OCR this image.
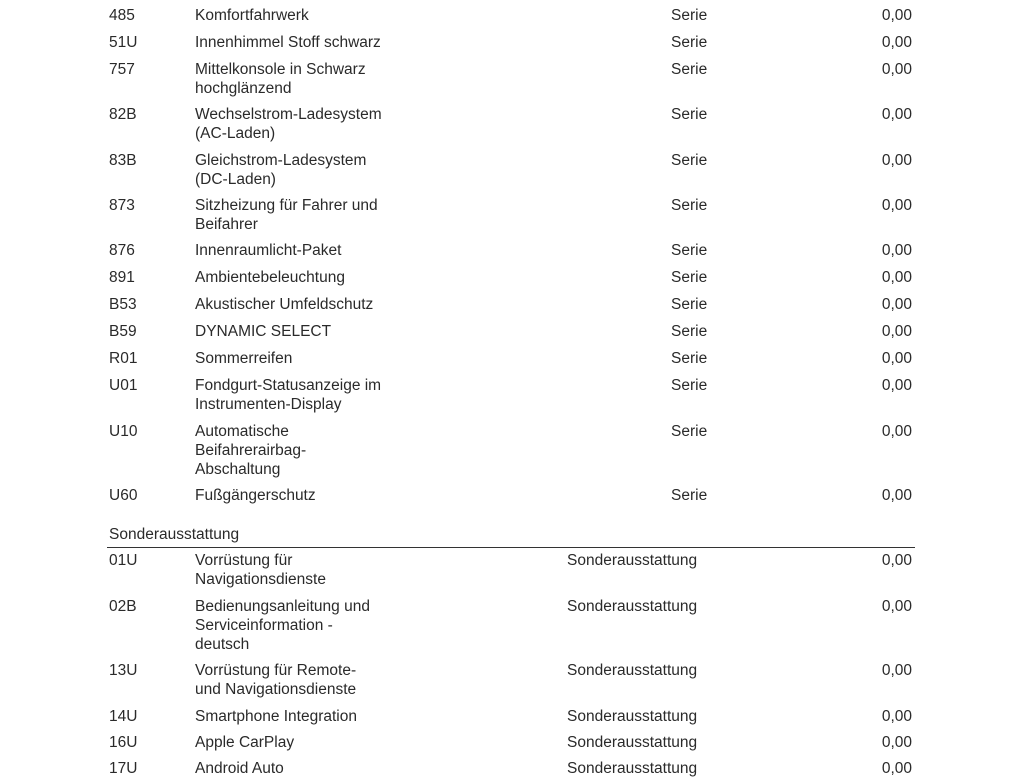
485	Komfortfahrwerk	Serie	0,00
51U	Innenhimmel Stoff schwarz	Serie	0,00
757	Mittelkonsole in Schwarz
hochglänzend
Serie	0,00
82B	Wechselstrom-Ladesystem
(AC-Laden)
Serie	0,00
83B	Gleichstrom-Ladesystem
(DC-Laden)
Serie	0,00
873	Sitzheizung für Fahrer und
Beifahrer
Serie	0,00
876	Innenraumlicht-Paket	Serie	0,00
891	Ambientebeleuchtung	Serie	0,00
B53	Akustischer Umfeldschutz	Serie	0,00
B59	DYNAMIC SELECT	Serie	0,00
R01	Sommerreifen	Serie	0,00
U01	Fondgurt-Statusanzeige im
Instrumenten-Display
Serie	0,00
U10	Automatische
Beifahrerairbag-
Abschaltung
Serie	0,00
U60	Fußgängerschutz	Serie	0,00
Sonderausstattung
01U	Vorrüstung für
Navigationsdienste
Sonderausstattung	0,00
02B	Bedienungsanleitung und
Serviceinformation -
deutsch
Sonderausstattung	0,00
13U	Vorrüstung für Remote-
und Navigationsdienste
Sonderausstattung	0,00
14U	Smartphone Integration	Sonderausstattung	0,00
16U	Apple CarPlay	Sonderausstattung	0,00
17U	Android Auto	Sonderausstattung	0,00
